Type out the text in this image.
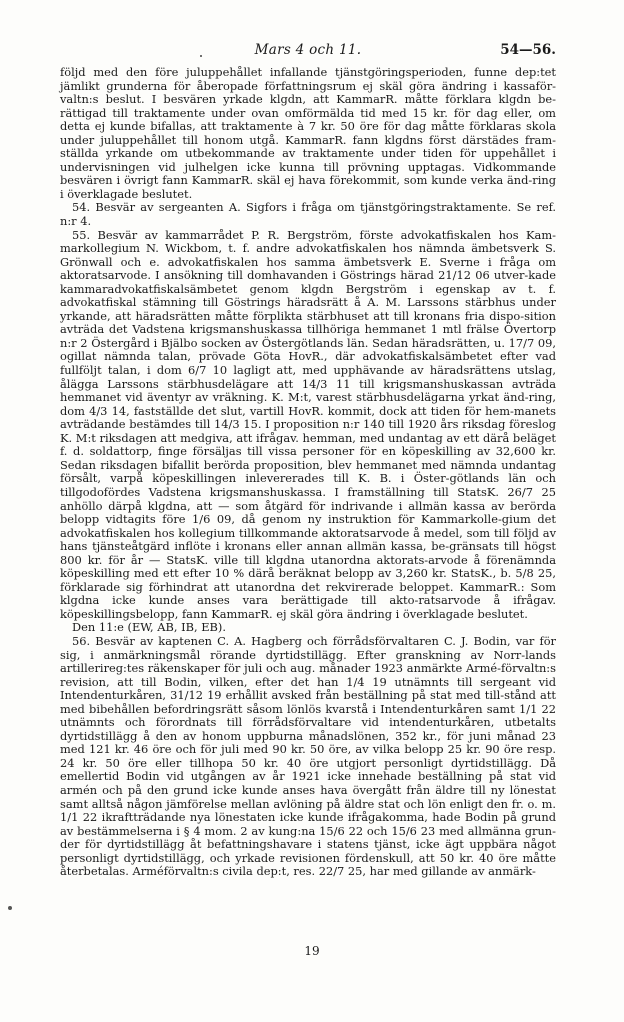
Mars 4 och 11.	54—56.

följd med den före juluppehållet infallande tjänstgöringsperioden, funne dep:tet jämlikt grunderna för åberopade författningsrum ej skäl göra ändring i kassaför-valtn:s beslut. I besvären yrkade klgdn, att KammarR. måtte förklara klgdn be-rättigad till traktamente under ovan omförmälda tid med 15 kr. för dag eller, om detta ej kunde bifallas, att traktamente à 7 kr. 50 öre för dag måtte förklaras skola under juluppehållet till honom utgå. KammarR. fann klgdns först därstädes fram-ställda yrkande om utbekommande av traktamente under tiden för uppehållet i undervisningen vid julhelgen icke kunna till prövning upptagas. Vidkommande besvären i övrigt fann KammarR. skäl ej hava förekommit, som kunde verka änd-ring i överklagade beslutet.

54. Besvär av sergeanten A. Sigfors i fråga om tjänstgöringstraktamente. Se ref. n:r 4.

55. Besvär av kammarrådet P. R. Bergström, förste advokatfiskalen hos Kam-markollegium N. Wickbom, t. f. andre advokatfiskalen hos nämnda ämbetsverk S. Grönwall och e. advokatfiskalen hos samma ämbetsverk E. Sverne i fråga om aktoratsarvode. I ansökning till domhavanden i Göstrings härad 21/12 06 utver-kade kammaradvokatfiskalsämbetet genom klgdn Bergström i egenskap av t. f. advokatfiskal stämning till Göstrings häradsrätt å A. M. Larssons stärbhus under yrkande, att häradsrätten måtte förpliktа stärbhuset att till kronans fria dispo-sition avträda det Vadstena krigsmanshuskassa tillhöriga hemmanet 1 mtl frälse Övertorp n:r 2 Östergård i Bjälbo socken av Östergötlands län. Sedan häradsrätten, u. 17/7 09, ogillat nämnda talan, prövade Göta HovR., där advokatfiskalsämbetet efter vad fullföljt talan, i dom 6/7 10 lagligt att, med upphävande av häradsrättens utslag, ålägga Larssons stärbhusdelägare att 14/3 11 till krigsmanshuskassan avträda hemmanet vid äventyr av vräkning. K. M:t, varest stärbhusdelägarna yrkat änd-ring, dom 4/3 14, fastställde det slut, vartill HovR. kommit, dock att tiden för hem-manets avträdande bestämdes till 14/3 15. I proposition n:r 140 till 1920 års riksdag föreslog K. M:t riksdagen att medgiva, att ifrågav. hemman, med undantag av ett därå beläget f. d. soldattorp, finge försäljas till vissa personer för en köpeskilling av 32,600 kr. Sedan riksdagen bifallit berörda proposition, blev hemmanet med nämnda undantag försålt, varpå köpeskillingen inlevererades till K. B. i Öster-götlands län och tillgodofördes Vadstena krigsmanshuskassa. I framställning till StatsK. 26/7 25 anhöllo därpå klgdna, att — som åtgärd för indrivande i allmän kassa av berörda belopp vidtagits före 1/6 09, då genom ny instruktion för Kammarkolle-gium det advokatfiskalen hos kollegium tillkommande aktoratsarvode å medel, som till följd av hans tjänsteåtgärd inflöte i kronans eller annan allmän kassa, be-gränsats till högst 800 kr. för år — StatsK. ville till klgdna utanordna aktorats-arvode å förenämnda köpeskilling med ett efter 10 % därå beräknat belopp av 3,260 kr. StatsK., b. 5/8 25, förklarade sig förhindrat att utanordna det rekvirerade beloppet. KammarR.: Som klgdna icke kunde anses vara berättigade till akto-ratsarvode å ifrågav. köpeskillingsbelopp, fann KammarR. ej skäl göra ändring i överklagade beslutet.

Den 11:e (EW, AB, IB, EB).

56. Besvär av kaptenen C. A. Hagberg och förrådsförvaltaren C. J. Bodin, var för sig, i anmärkningsmål rörande dyrtidstillägg. Efter granskning av Norr-lands artillerireg:tes räkenskaper för juli och aug. månader 1923 anmärkte Armé-förvaltn:s revision, att till Bodin, vilken, efter det han 1/4 19 utnämnts till sergeant vid Intendenturkåren, 31/12 19 erhållit avsked från beställning på stat med till-stånd att med bibehållen befordringsrätt såsom lönlös kvarstå i Intendenturkåren samt 1/1 22 utnämnts och förordnats till förrådsförvaltare vid intendenturkåren, utbetalts dyrtidstillägg å den av honom uppburna månadslönen, 352 kr., för juni månad 23 med 121 kr. 46 öre och för juli med 90 kr. 50 öre, av vilka belopp 25 kr. 90 öre resp. 24 kr. 50 öre eller tillhopa 50 kr. 40 öre utgjort personligt dyrtidstillägg. Då emellertid Bodin vid utgången av år 1921 icke innehade beställning på stat vid armén och på den grund icke kunde anses hava övergått från äldre till ny lönestat samt alltså någon jämförelse mellan avlöning på äldre stat och lön enligt den fr. o. m. 1/1 22 ikraftträdande nya lönestaten icke kunde ifrågakomma, hade Bodin på grund av bestämmelserna i § 4 mom. 2 av kung:na 15/6 22 och 15/6 23 med allmänna grun-der för dyrtidstillägg åt befattningshavare i statens tjänst, icke ägt uppbära något personligt dyrtidstillägg, och yrkade revisionen fördenskull, att 50 kr. 40 öre måtte återbetalas. Arméförvaltn:s civila dep:t, res. 22/7 25, har med gillande av anmärk-

19
